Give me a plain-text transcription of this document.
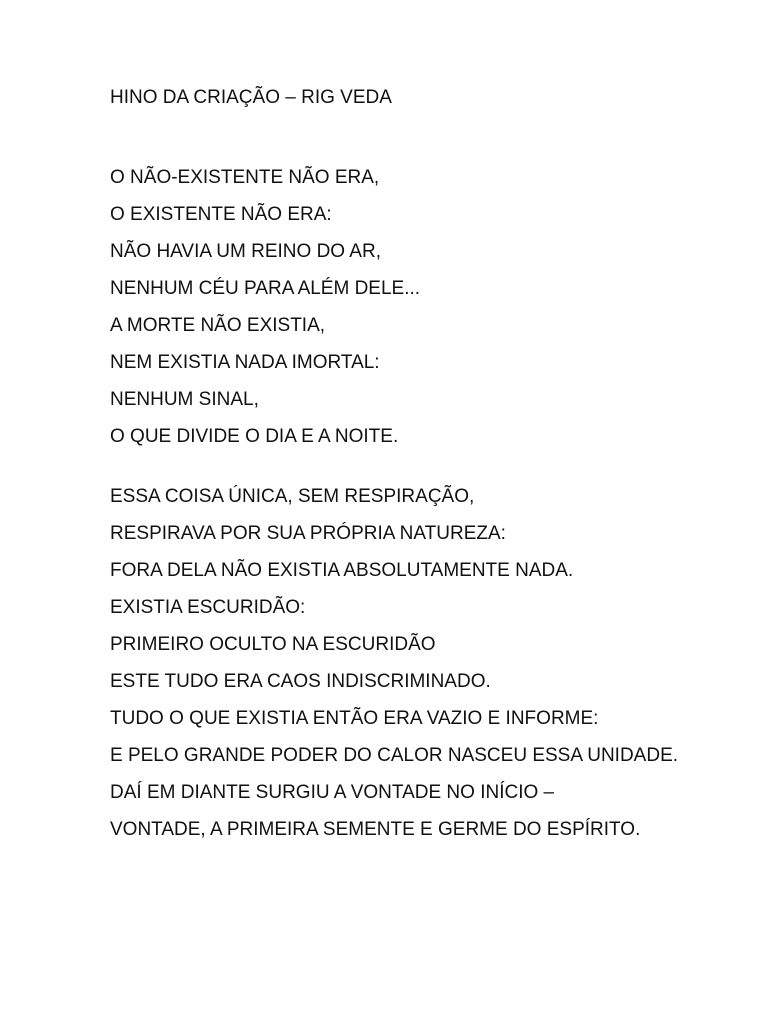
HINO DA CRIAÇÃO – RIG VEDA
O NÃO-EXISTENTE NÃO ERA,
O EXISTENTE NÃO ERA:
NÃO HAVIA UM REINO DO AR,
NENHUM CÉU PARA ALÉM DELE...
A MORTE NÃO EXISTIA,
NEM EXISTIA NADA IMORTAL:
NENHUM SINAL,
O QUE DIVIDE O DIA E A NOITE.
ESSA COISA ÚNICA, SEM RESPIRAÇÃO,
RESPIRAVA POR SUA PRÓPRIA NATUREZA:
FORA DELA NÃO EXISTIA ABSOLUTAMENTE NADA.
EXISTIA ESCURIDÃO:
PRIMEIRO OCULTO NA ESCURIDÃO
ESTE TUDO ERA CAOS INDISCRIMINADO.
TUDO O QUE EXISTIA ENTÃO ERA VAZIO E INFORME:
E PELO GRANDE PODER DO CALOR NASCEU ESSA UNIDADE.
DAÍ EM DIANTE SURGIU A VONTADE NO INÍCIO –
VONTADE, A PRIMEIRA SEMENTE E GERME DO ESPÍRITO.
